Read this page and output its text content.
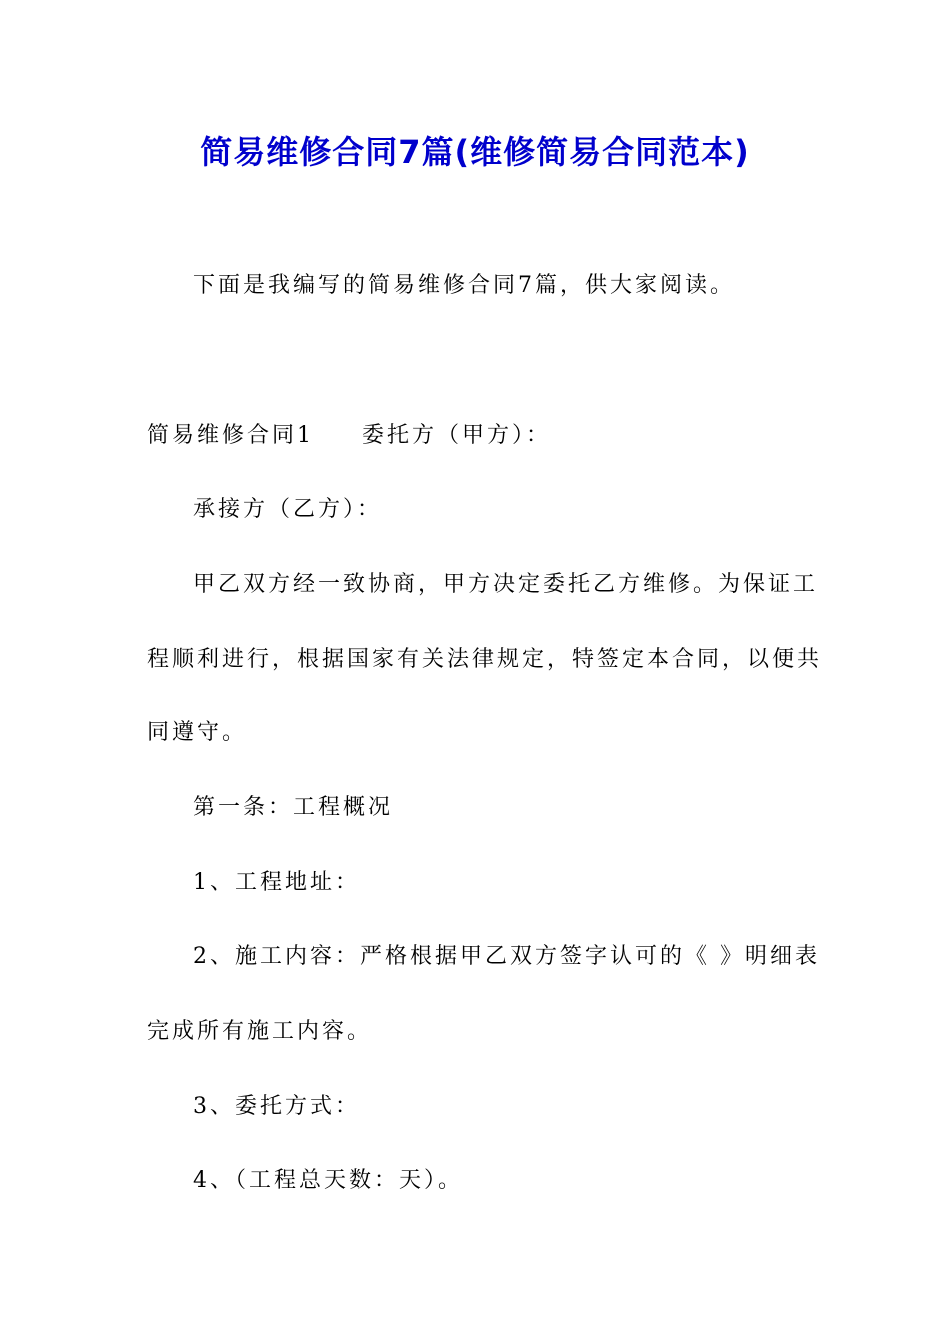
简易维修合同7篇(维修简易合同范本)

下面是我编写的简易维修合同7篇，供大家阅读。

简易维修合同1 委托方（甲方）：

承接方（乙方）：

甲乙双方经一致协商，甲方决定委托乙方维修。为保证工

程顺利进行，根据国家有关法律规定，特签定本合同，以便共

同遵守。

第一条：工程概况

1、工程地址：

2、施工内容：严格根据甲乙双方签字认可的《 》明细表

完成所有施工内容。

3、委托方式：

4、（工程总天数：天）。
